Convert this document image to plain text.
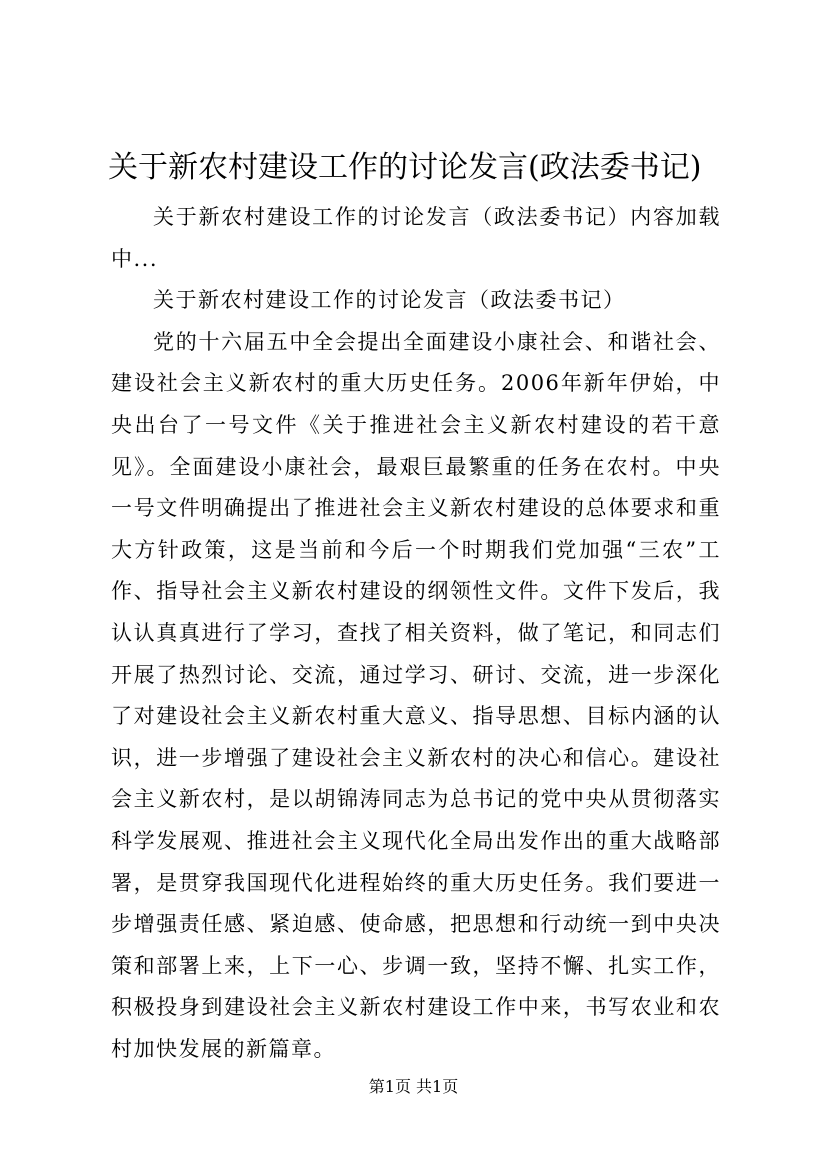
关于新农村建设工作的讨论发言(政法委书记)

关于新农村建设工作的讨论发言（政法委书记）内容加载中...

关于新农村建设工作的讨论发言（政法委书记）

党的十六届五中全会提出全面建设小康社会、和谐社会、建设社会主义新农村的重大历史任务。2006年新年伊始，中央出台了一号文件《关于推进社会主义新农村建设的若干意见》。全面建设小康社会，最艰巨最繁重的任务在农村。中央一号文件明确提出了推进社会主义新农村建设的总体要求和重大方针政策，这是当前和今后一个时期我们党加强“三农”工作、指导社会主义新农村建设的纲领性文件。文件下发后，我认认真真进行了学习，查找了相关资料，做了笔记，和同志们开展了热烈讨论、交流，通过学习、研讨、交流，进一步深化了对建设社会主义新农村重大意义、指导思想、目标内涵的认识，进一步增强了建设社会主义新农村的决心和信心。建设社会主义新农村，是以胡锦涛同志为总书记的党中央从贯彻落实科学发展观、推进社会主义现代化全局出发作出的重大战略部署，是贯穿我国现代化进程始终的重大历史任务。我们要进一步增强责任感、紧迫感、使命感，把思想和行动统一到中央决策和部署上来，上下一心、步调一致，坚持不懈、扎实工作，积极投身到建设社会主义新农村建设工作中来，书写农业和农村加快发展的新篇章。

第1页 共1页
